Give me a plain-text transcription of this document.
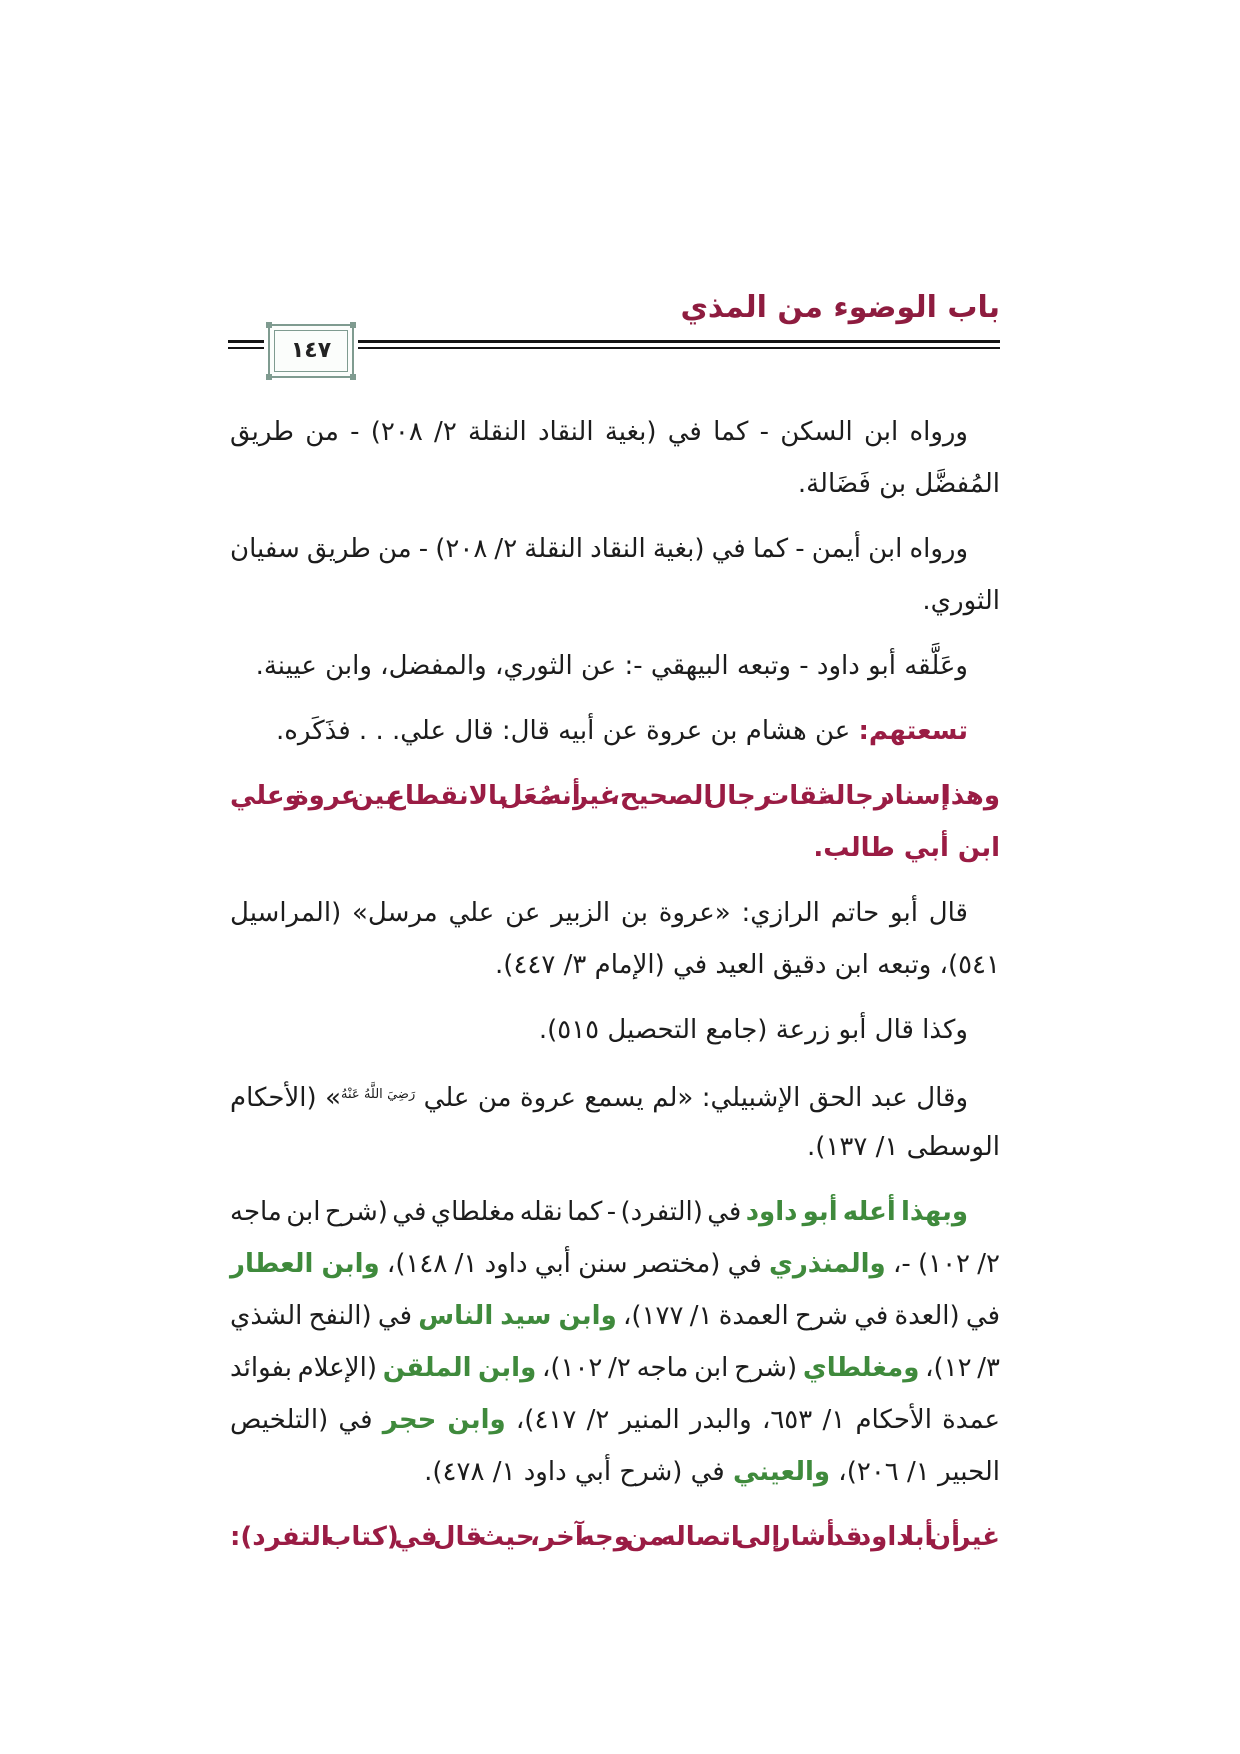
باب الوضوء من المذي
١٤٧
ورواه ابن السكن - كما في (بغية النقاد النقلة ٢/ ٢٠٨) - من طريق
المُفضَّل بن فَضَالة.
ورواه ابن أيمن - كما في (بغية النقاد النقلة ٢/ ٢٠٨) - من طريق سفيان
الثوري.
وعَلَّقه أبو داود - وتبعه البيهقي -: عن الثوري، والمفضل، وابن عيينة.
تسعتهم: عن هشام بن عروة عن أبيه قال: قال علي. . . فذَكَره.
وهذا إسناد رجاله ثقات رجال الصحيح، غير أنه مُعَل بالانقطاع بين عروة وعلي
ابن أبي طالب.
قال أبو حاتم الرازي: «عروة بن الزبير عن علي مرسل» (المراسيل
٥٤١)، وتبعه ابن دقيق العيد في (الإمام ٣/ ٤٤٧).
وكذا قال أبو زرعة (جامع التحصيل ٥١٥).
وقال عبد الحق الإشبيلي: «لم يسمع عروة من علي $^{رَضِيَ اللَّهُ عَنْهُ}$» (الأحكام
الوسطى ١/ ١٣٧).
وبهذا أعله أبو داود في (التفرد) - كما نقله مغلطاي في (شرح ابن ماجه
٢/ ١٠٢) -، والمنذري في (مختصر سنن أبي داود ١/ ١٤٨)، وابن العطار
في (العدة في شرح العمدة ١/ ١٧٧)، وابن سيد الناس في (النفح الشذي
٣/ ١٢)، ومغلطاي (شرح ابن ماجه ٢/ ١٠٢)، وابن الملقن (الإعلام بفوائد
عمدة الأحكام ١/ ٦٥٣، والبدر المنير ٢/ ٤١٧)، وابن حجر في (التلخيص
الحبير ١/ ٢٠٦)، والعيني في (شرح أبي داود ١/ ٤٧٨).
غير أن أبا داود قد أشار إلى اتصاله من وجه آخر، حيث قال في (كتاب التفرد):
